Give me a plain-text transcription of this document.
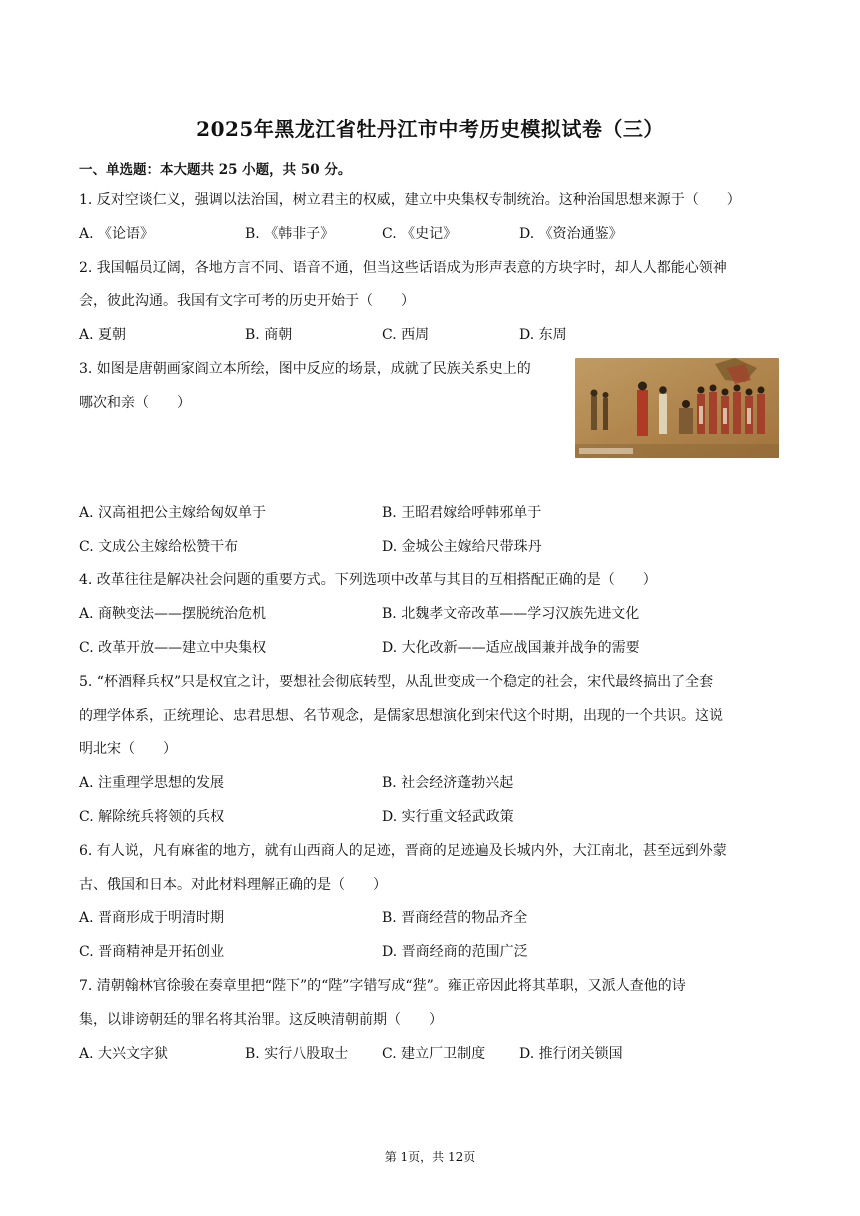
2025年黑龙江省牡丹江市中考历史模拟试卷（三）
一、单选题：本大题共 25 小题，共 50 分。
1. 反对空谈仁义，强调以法治国，树立君主的权威，建立中央集权专制统治。这种治国思想来源于（　　）
A. 《论语》	B. 《韩非子》	C. 《史记》	D. 《资治通鉴》
2. 我国幅员辽阔，各地方言不同、语音不通，但当这些话语成为形声表意的方块字时，却人人都能心领神
会，彼此沟通。我国有文字可考的历史开始于（　　）
A. 夏朝	B. 商朝	C. 西周	D. 东周
3. 如图是唐朝画家阎立本所绘，图中反应的场景，成就了民族关系史上的
哪次和亲（　　）
A. 汉高祖把公主嫁给匈奴单于	B. 王昭君嫁给呼韩邪单于
C. 文成公主嫁给松赞干布	D. 金城公主嫁给尺带珠丹
4. 改革往往是解决社会问题的重要方式。下列选项中改革与其目的互相搭配正确的是（　　）
A. 商鞅变法——摆脱统治危机	B. 北魏孝文帝改革——学习汉族先进文化
C. 改革开放——建立中央集权	D. 大化改新——适应战国兼并战争的需要
5. “杯酒释兵权”只是权宜之计，要想社会彻底转型，从乱世变成一个稳定的社会，宋代最终搞出了全套
的理学体系，正统理论、忠君思想、名节观念，是儒家思想演化到宋代这个时期，出现的一个共识。这说
明北宋（　　）
A. 注重理学思想的发展	B. 社会经济蓬勃兴起
C. 解除统兵将领的兵权	D. 实行重文轻武政策
6. 有人说，凡有麻雀的地方，就有山西商人的足迹，晋商的足迹遍及长城内外，大江南北，甚至远到外蒙
古、俄国和日本。对此材料理解正确的是（　　）
A. 晋商形成于明清时期	B. 晋商经营的物品齐全
C. 晋商精神是开拓创业	D. 晋商经商的范围广泛
7. 清朝翰林官徐骏在奏章里把“陛下”的“陛”字错写成“狴”。雍正帝因此将其革职，又派人查他的诗
集，以诽谤朝廷的罪名将其治罪。这反映清朝前期（　　）
A. 大兴文字狱	B. 实行八股取士 C. 建立厂卫制度 D. 推行闭关锁国
第 1页，共 12页
